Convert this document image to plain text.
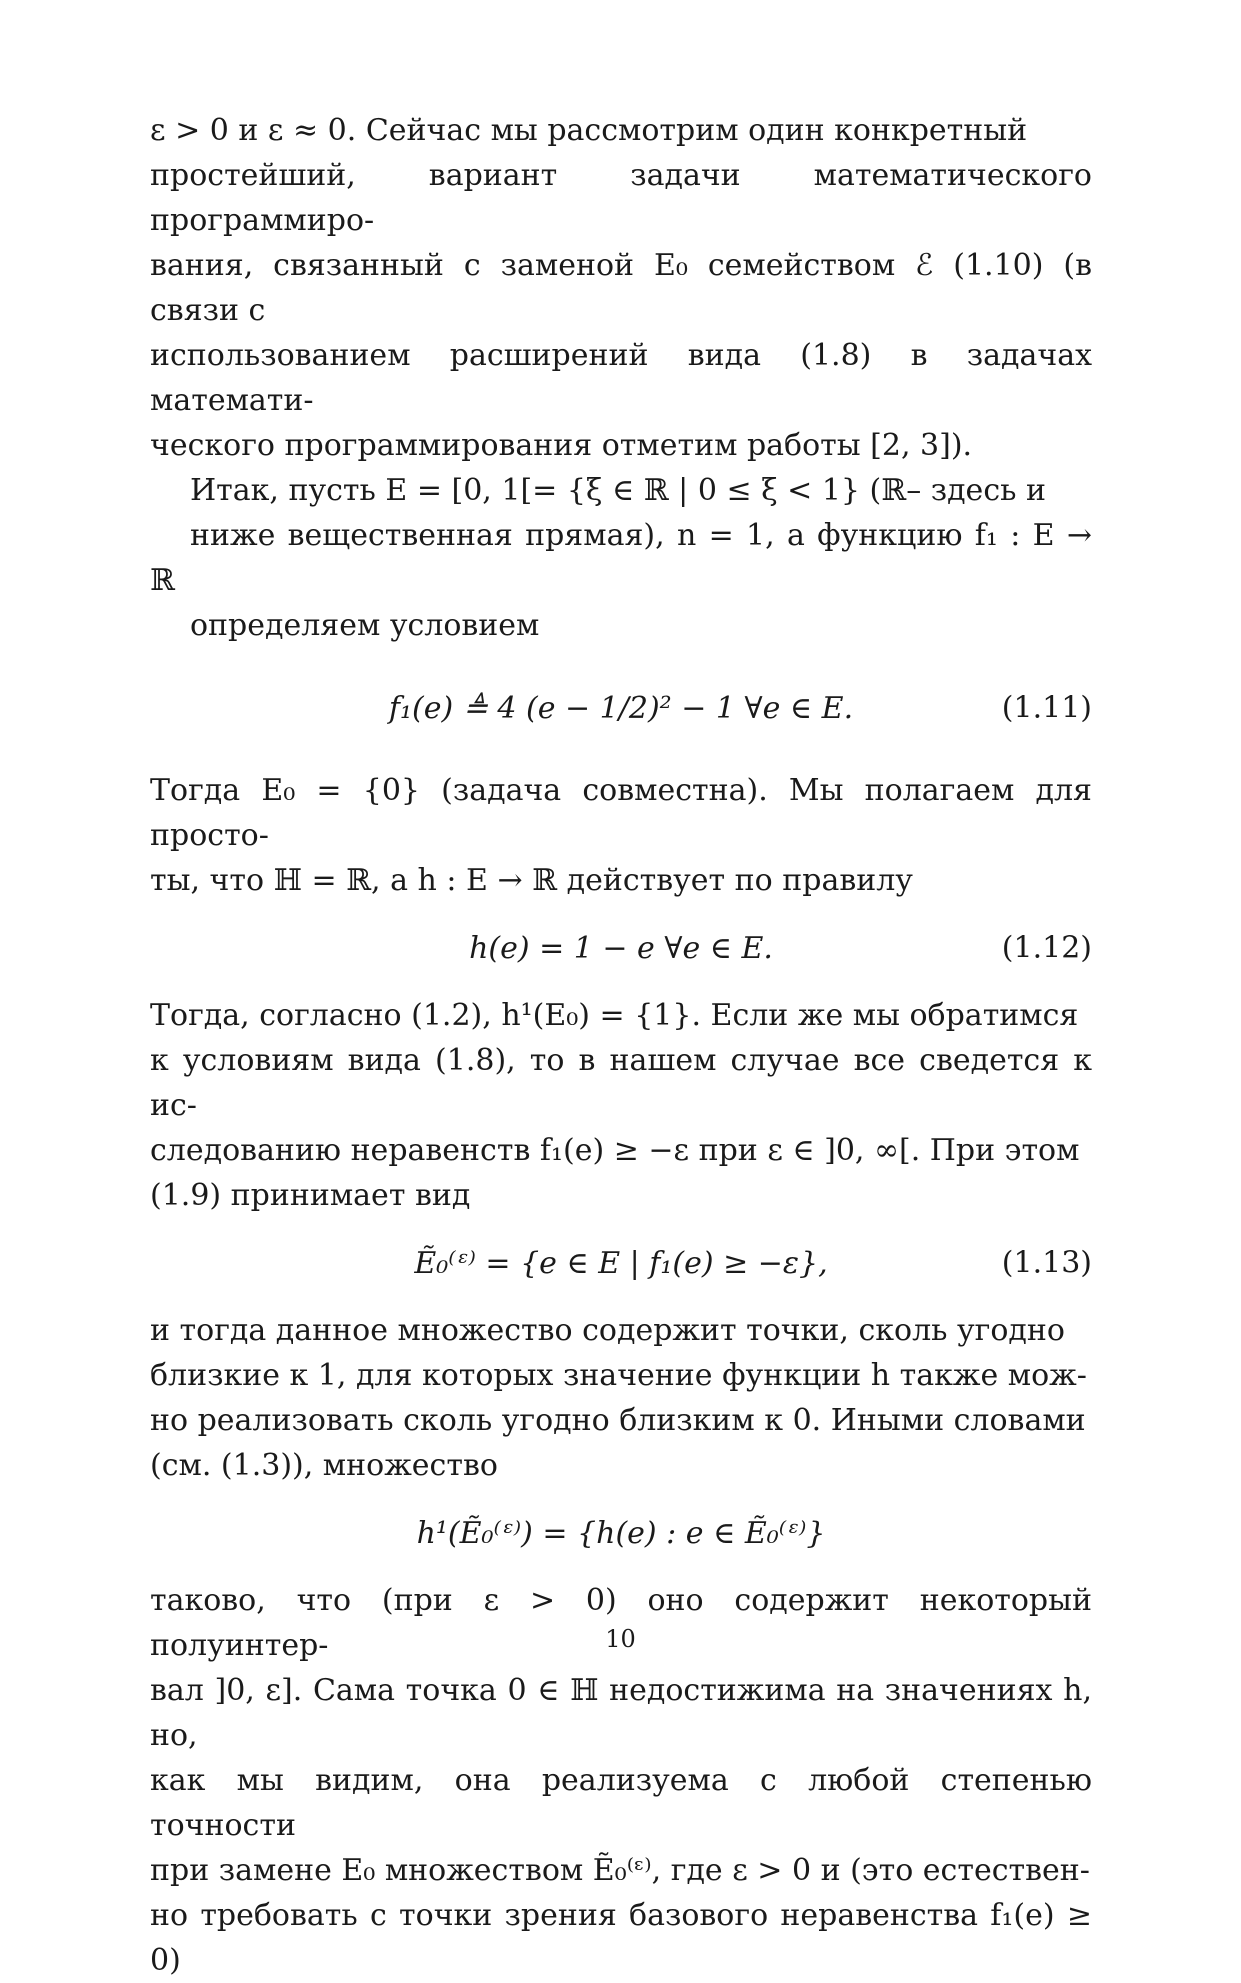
ε > 0 и ε ≈ 0. Сейчас мы рассмотрим один конкретный
простейший, вариант задачи математического программиро-
вания, связанный с заменой E₀ семейством ℰ (1.10) (в связи с
использованием расширений вида (1.8) в задачах математи-
ческого программирования отметим работы [2, 3]).

Итак, пусть E = [0, 1[= {ξ ∈ ℝ | 0 ≤ ξ < 1} (ℝ– здесь и
ниже вещественная прямая), n = 1, а функцию f₁ : E → ℝ
определяем условием

f₁(e) ≜ 4 (e − 1/2)² − 1 ∀e ∈ E.	(1.11)

Тогда E₀ = {0} (задача совместна). Мы полагаем для просто-
ты, что ℍ = ℝ, а h : E → ℝ действует по правилу

h(e) = 1 − e ∀e ∈ E.	(1.12)

Тогда, согласно (1.2), h¹(E₀) = {1}. Если же мы обратимся
к условиям вида (1.8), то в нашем случае все сведется к ис-
следованию неравенств f₁(e) ≥ −ε при ε ∈ ]0, ∞[. При этом
(1.9) принимает вид

Ẽ₀⁽ᵋ⁾ = {e ∈ E | f₁(e) ≥ −ε},	(1.13)

и тогда данное множество содержит точки, сколь угодно
близкие к 1, для которых значение функции h также мож-
но реализовать сколь угодно близким к 0. Иными словами
(см. (1.3)), множество

h¹(Ẽ₀⁽ᵋ⁾) = {h(e) : e ∈ Ẽ₀⁽ᵋ⁾}

таково, что (при ε > 0) оно содержит некоторый полуинтер-
вал ]0, ε]. Сама точка 0 ∈ ℍ недостижима на значениях h, но,
как мы видим, она реализуема с любой степенью точности
при замене E₀ множеством Ẽ₀⁽ᵋ⁾, где ε > 0 и (это естествен-
но требовать с точки зрения базового неравенства f₁(e) ≥ 0)

10
